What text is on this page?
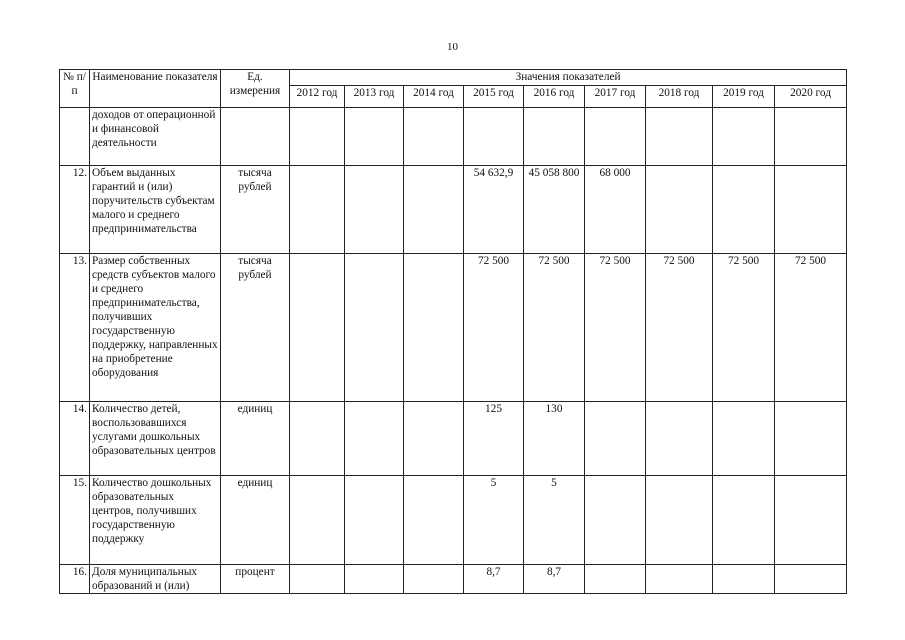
10
№ п/п	Наименование показателя	Ед. измерения	Значения показателей								
			2012 год	2013 год	2014 год	2015 год	2016 год	2017 год	2018 год	2019 год	2020 год
	доходов от операционной и финансовой деятельности										
12.	Объем выданных гарантий и (или) поручительств субъектам малого и среднего предпринимательства	тысяча рублей				54 632,9	45 058 800	68 000			
13.	Размер собственных средств субъектов малого и среднего предпринимательства, получивших государственную поддержку, направленных на приобретение оборудования	тысяча рублей				72 500	72 500	72 500	72 500	72 500	72 500
14.	Количество детей, воспользовавшихся услугами дошкольных образовательных центров	единиц				125	130				
15.	Количество дошкольных образовательных центров, получивших государственную поддержку	единиц				5	5				
16.	Доля муниципальных образований и (или)	процент				8,7	8,7				
